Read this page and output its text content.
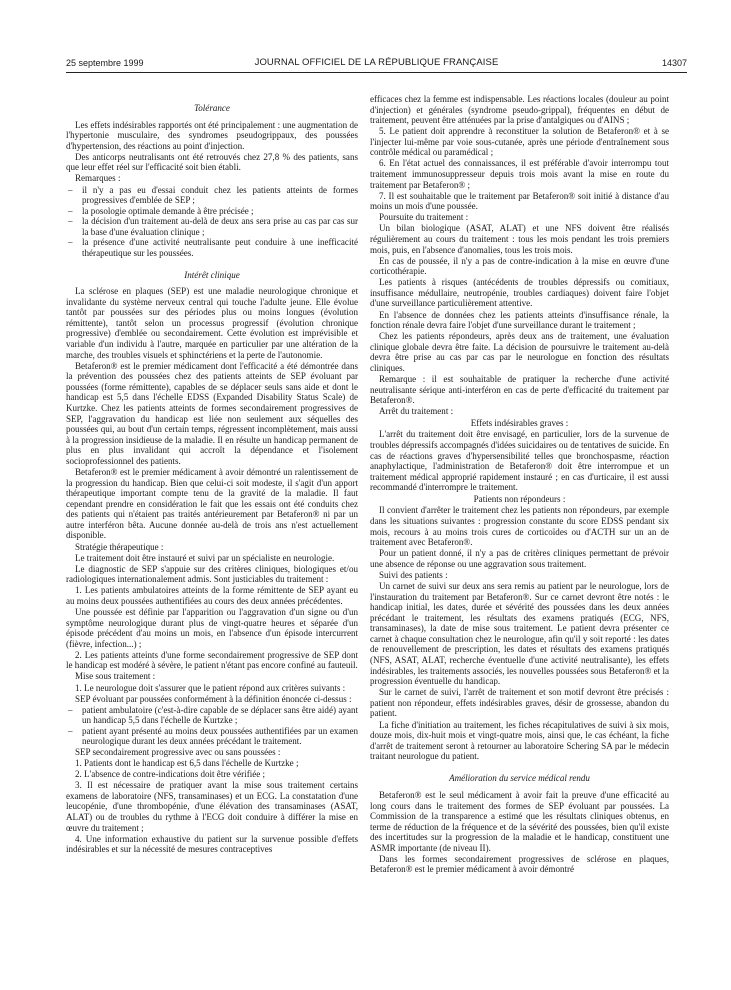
25 septembre 1999	JOURNAL OFFICIEL DE LA RÉPUBLIQUE FRANÇAISE	14307

Tolérance

Les effets indésirables rapportés ont été principalement : une augmentation de l'hypertonie musculaire, des syndromes pseudogrippaux, des poussées d'hypertension, des réactions au point d'injection.

Des anticorps neutralisants ont été retrouvés chez 27,8 % des patients, sans que leur effet réel sur l'efficacité soit bien établi.

Remarques :

– il n'y a pas eu d'essai conduit chez les patients atteints de formes progressives d'emblée de SEP ;
– la posologie optimale demande à être précisée ;
– la décision d'un traitement au-delà de deux ans sera prise au cas par cas sur la base d'une évaluation clinique ;
– la présence d'une activité neutralisante peut conduire à une inefficacité thérapeutique sur les poussées.

Intérêt clinique

La sclérose en plaques (SEP) est une maladie neurologique chronique et invalidante du système nerveux central qui touche l'adulte jeune. Elle évolue tantôt par poussées sur des périodes plus ou moins longues (évolution rémittente), tantôt selon un processus progressif (évolution chronique progressive) d'emblée ou secondairement. Cette évolution est imprévisible et variable d'un individu à l'autre, marquée en particulier par une altération de la marche, des troubles visuels et sphinctériens et la perte de l'autonomie.

Betaferon® est le premier médicament dont l'efficacité a été démontrée dans la prévention des poussées chez des patients atteints de SEP évoluant par poussées (forme rémittente), capables de se déplacer seuls sans aide et dont le handicap est 5,5 dans l'échelle EDSS (Expanded Disability Status Scale) de Kurtzke. Chez les patients atteints de formes secondairement progressives de SEP, l'aggravation du handicap est liée non seulement aux séquelles des poussées qui, au bout d'un certain temps, régressent incomplètement, mais aussi à la progression insidieuse de la maladie. Il en résulte un handicap permanent de plus en plus invalidant qui accroît la dépendance et l'isolement socioprofessionnel des patients.

Betaferon® est le premier médicament à avoir démontré un ralentissement de la progression du handicap. Bien que celui-ci soit modeste, il s'agit d'un apport thérapeutique important compte tenu de la gravité de la maladie. Il faut cependant prendre en considération le fait que les essais ont été conduits chez des patients qui n'étaient pas traités antérieurement par Betaferon® ni par un autre interféron bêta. Aucune donnée au-delà de trois ans n'est actuellement disponible.

Stratégie thérapeutique :

Le traitement doit être instauré et suivi par un spécialiste en neurologie.

Le diagnostic de SEP s'appuie sur des critères cliniques, biologiques et/ou radiologiques internationalement admis. Sont justiciables du traitement :

1. Les patients ambulatoires atteints de la forme rémittente de SEP ayant eu au moins deux poussées authentifiées au cours des deux années précédentes.

Une poussée est définie par l'apparition ou l'aggravation d'un signe ou d'un symptôme neurologique durant plus de vingt-quatre heures et séparée d'un épisode précédent d'au moins un mois, en l'absence d'un épisode intercurrent (fièvre, infection...) ;

2. Les patients atteints d'une forme secondairement progressive de SEP dont le handicap est modéré à sévère, le patient n'étant pas encore confiné au fauteuil.

Mise sous traitement :

1. Le neurologue doit s'assurer que le patient répond aux critères suivants :

SEP évoluant par poussées conformément à la définition énoncée ci-dessus :

– patient ambulatoire (c'est-à-dire capable de se déplacer sans être aidé) ayant un handicap 5,5 dans l'échelle de Kurtzke ;
– patient ayant présenté au moins deux poussées authentifiées par un examen neurologique durant les deux années précédant le traitement.

SEP secondairement progressive avec ou sans poussées :

1. Patients dont le handicap est 6,5 dans l'échelle de Kurtzke ;

2. L'absence de contre-indications doit être vérifiée ;

3. Il est nécessaire de pratiquer avant la mise sous traitement certains examens de laboratoire (NFS, transaminases) et un ECG. La constatation d'une leucopénie, d'une thrombopénie, d'une élévation des transaminases (ASAT, ALAT) ou de troubles du rythme à l'ECG doit conduire à différer la mise en œuvre du traitement ;

4. Une information exhaustive du patient sur la survenue possible d'effets indésirables et sur la nécessité de mesures contraceptives

efficaces chez la femme est indispensable. Les réactions locales (douleur au point d'injection) et générales (syndrome pseudo-grippal), fréquentes en début de traitement, peuvent être atténuées par la prise d'antalgiques ou d'AINS ;

5. Le patient doit apprendre à reconstituer la solution de Betaferon® et à se l'injecter lui-même par voie sous-cutanée, après une période d'entraînement sous contrôle médical ou paramédical ;

6. En l'état actuel des connaissances, il est préférable d'avoir interrompu tout traitement immunosuppresseur depuis trois mois avant la mise en route du traitement par Betaferon® ;

7. Il est souhaitable que le traitement par Betaferon® soit initié à distance d'au moins un mois d'une poussée.

Poursuite du traitement :

Un bilan biologique (ASAT, ALAT) et une NFS doivent être réalisés régulièrement au cours du traitement : tous les mois pendant les trois premiers mois, puis, en l'absence d'anomalies, tous les trois mois.

En cas de poussée, il n'y a pas de contre-indication à la mise en œuvre d'une corticothérapie.

Les patients à risques (antécédents de troubles dépressifs ou comitiaux, insuffisance médullaire, neutropénie, troubles cardiaques) doivent faire l'objet d'une surveillance particulièrement attentive.

En l'absence de données chez les patients atteints d'insuffisance rénale, la fonction rénale devra faire l'objet d'une surveillance durant le traitement ;

Chez les patients répondeurs, après deux ans de traitement, une évaluation clinique globale devra être faite. La décision de poursuivre le traitement au-delà devra être prise au cas par cas par le neurologue en fonction des résultats cliniques.

Remarque : il est souhaitable de pratiquer la recherche d'une activité neutralisante sérique anti-interféron en cas de perte d'efficacité du traitement par Betaferon®.

Arrêt du traitement :

Effets indésirables graves :

L'arrêt du traitement doit être envisagé, en particulier, lors de la survenue de troubles dépressifs accompagnés d'idées suicidaires ou de tentatives de suicide. En cas de réactions graves d'hypersensibilité telles que bronchospasme, réaction anaphylactique, l'administration de Betaferon® doit être interrompue et un traitement médical approprié rapidement instauré ; en cas d'urticaire, il est aussi recommandé d'interrompre le traitement.

Patients non répondeurs :

Il convient d'arrêter le traitement chez les patients non répondeurs, par exemple dans les situations suivantes : progression constante du score EDSS pendant six mois, recours à au moins trois cures de corticoïdes ou d'ACTH sur un an de traitement avec Betaferon®.

Pour un patient donné, il n'y a pas de critères cliniques permettant de prévoir une absence de réponse ou une aggravation sous traitement.

Suivi des patients :

Un carnet de suivi sur deux ans sera remis au patient par le neurologue, lors de l'instauration du traitement par Betaferon®. Sur ce carnet devront être notés : le handicap initial, les dates, durée et sévérité des poussées dans les deux années précédant le traitement, les résultats des examens pratiqués (ECG, NFS, transaminases), la date de mise sous traitement. Le patient devra présenter ce carnet à chaque consultation chez le neurologue, afin qu'il y soit reporté : les dates de renouvellement de prescription, les dates et résultats des examens pratiqués (NFS, ASAT, ALAT, recherche éventuelle d'une activité neutralisante), les effets indésirables, les traitements associés, les nouvelles poussées sous Betaferon® et la progression éventuelle du handicap.

Sur le carnet de suivi, l'arrêt de traitement et son motif devront être précisés : patient non répondeur, effets indésirables graves, désir de grossesse, abandon du patient.

La fiche d'initiation au traitement, les fiches récapitulatives de suivi à six mois, douze mois, dix-huit mois et vingt-quatre mois, ainsi que, le cas échéant, la fiche d'arrêt de traitement seront à retourner au laboratoire Schering SA par le médecin traitant neurologue du patient.

Amélioration du service médical rendu

Betaferon® est le seul médicament à avoir fait la preuve d'une efficacité au long cours dans le traitement des formes de SEP évoluant par poussées. La Commission de la transparence a estimé que les résultats cliniques obtenus, en terme de réduction de la fréquence et de la sévérité des poussées, bien qu'il existe des incertitudes sur la progression de la maladie et le handicap, constituent une ASMR importante (de niveau II).

Dans les formes secondairement progressives de sclérose en plaques, Betaferon® est le premier médicament à avoir démontré
